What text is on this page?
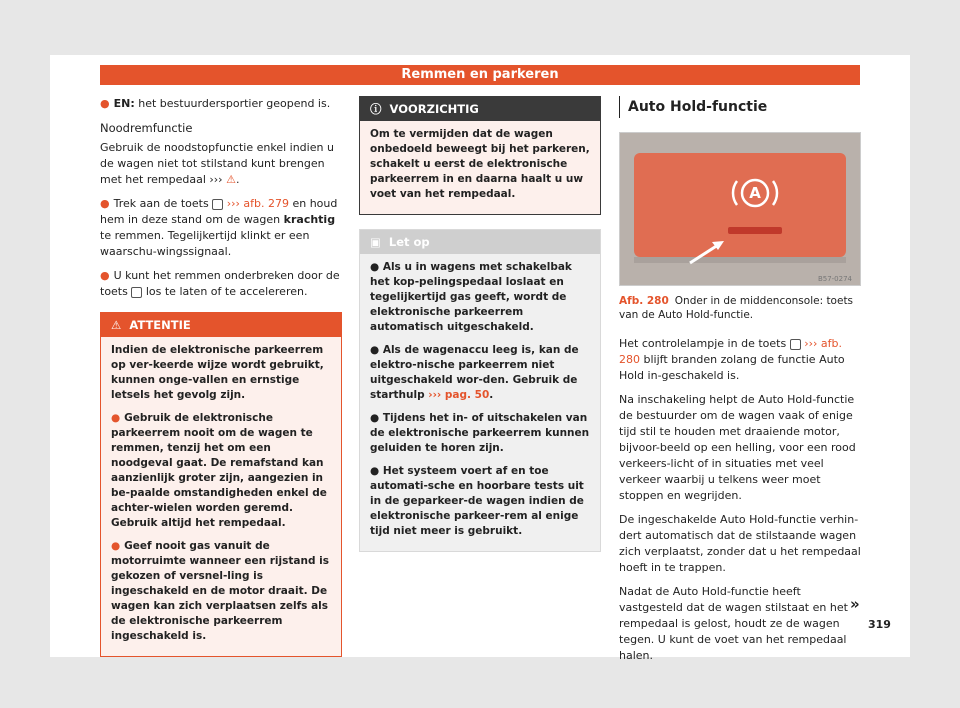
Remmen en parkeren

● EN: het bestuurdersportier geopend is.

Noodremfunctie

Gebruik de noodstopfunctie enkel indien u de wagen niet tot stilstand kunt brengen met het rempedaal ››› ⚠.

● Trek aan de toets ››› afb. 279 en houd hem in deze stand om de wagen krachtig te remmen. Tegelijkertijd klinkt er een waarschu-wingssignaal.

● U kunt het remmen onderbreken door de toets los te laten of te accelereren.

⚠ ATTENTIE

Indien de elektronische parkeerrem op ver-keerde wijze wordt gebruikt, kunnen onge-vallen en ernstige letsels het gevolg zijn.

● Gebruik de elektronische parkeerrem nooit om de wagen te remmen, tenzij het om een noodgeval gaat. De remafstand kan aanzienlijk groter zijn, aangezien in be-paalde omstandigheden enkel de achter-wielen worden geremd. Gebruik altijd het rempedaal.

● Geef nooit gas vanuit de motorruimte wanneer een rijstand is gekozen of versnel-ling is ingeschakeld en de motor draait. De wagen kan zich verplaatsen zelfs als de elektronische parkeerrem ingeschakeld is.

ⓘ VOORZICHTIG

Om te vermijden dat de wagen onbedoeld beweegt bij het parkeren, schakelt u eerst de elektronische parkeerrem in en daarna haalt u uw voet van het rempedaal.

▣ Let op

● Als u in wagens met schakelbak het kop-pelingspedaal loslaat en tegelijkertijd gas geeft, wordt de elektronische parkeerrem automatisch uitgeschakeld.

● Als de wagenaccu leeg is, kan de elektro-nische parkeerrem niet uitgeschakeld wor-den. Gebruik de starthulp ››› pag. 50.

● Tijdens het in- of uitschakelen van de elektronische parkeerrem kunnen geluiden te horen zijn.

● Het systeem voert af en toe automati-sche en hoorbare tests uit in de geparkeer-de wagen indien de elektronische parkeer-rem al enige tijd niet meer is gebruikt.

Auto Hold-functie
A
B57-0274
Afb. 280 Onder in de middenconsole: toets van de Auto Hold-functie.

Het controlelampje in de toets ››› afb. 280 blijft branden zolang de functie Auto Hold in-geschakeld is.

Na inschakeling helpt de Auto Hold-functie de bestuurder om de wagen vaak of enige tijd stil te houden met draaiende motor, bijvoor-beeld op een helling, voor een rood verkeers-licht of in situaties met veel verkeer waarbij u telkens weer moet stoppen en wegrijden.

De ingeschakelde Auto Hold-functie verhin-dert automatisch dat de stilstaande wagen zich verplaatst, zonder dat u het rempedaal hoeft in te trappen.

Nadat de Auto Hold-functie heeft vastgesteld dat de wagen stilstaat en het rempedaal is gelost, houdt ze de wagen tegen. U kunt de voet van het rempedaal halen.

»
319
